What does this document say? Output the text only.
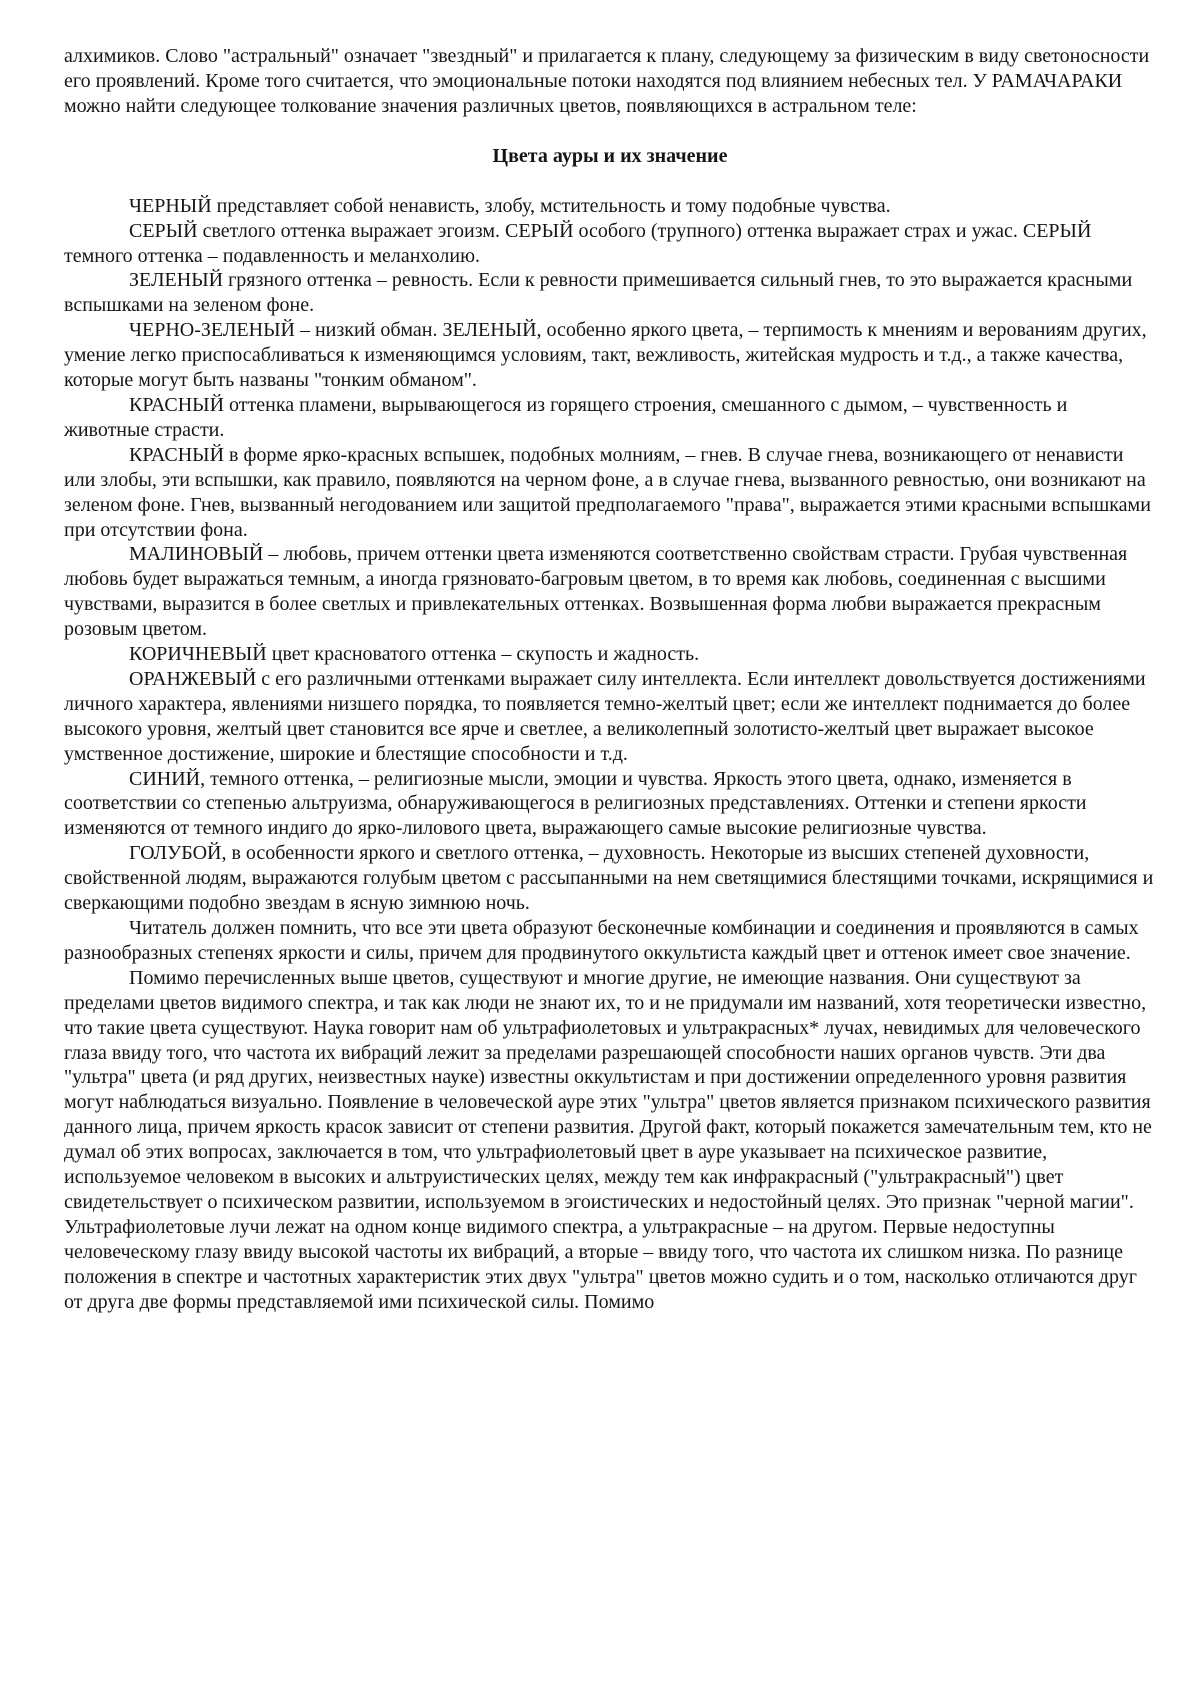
алхимиков. Слово "астральный" означает "звездный" и прилагается к плану, следующему за физическим в виду светоносности его проявлений. Кроме того считается, что эмоциональные потоки находятся под влиянием небесных тел. У РАМАЧАРАКИ можно найти следующее толкование значения различных цветов, появляющихся в астральном теле:

Цвета ауры и их значение

ЧЕРНЫЙ представляет собой ненависть, злобу, мстительность и тому подобные чувства.

СЕРЫЙ светлого оттенка выражает эгоизм. СЕРЫЙ особого (трупного) оттенка выражает страх и ужас. СЕРЫЙ темного оттенка – подавленность и меланхолию.

ЗЕЛЕНЫЙ грязного оттенка – ревность. Если к ревности примешивается сильный гнев, то это выражается красными вспышками на зеленом фоне.

ЧЕРНО-ЗЕЛЕНЫЙ – низкий обман. ЗЕЛЕНЫЙ, особенно яркого цвета, – терпимость к мнениям и верованиям других, умение легко приспосабливаться к изменяющимся условиям, такт, вежливость, житейская мудрость и т.д., а также качества, которые могут быть названы "тонким обманом".

КРАСНЫЙ оттенка пламени, вырывающегося из горящего строения, смешанного с дымом, – чувственность и животные страсти.

КРАСНЫЙ в форме ярко-красных вспышек, подобных молниям, – гнев. В случае гнева, возникающего от ненависти или злобы, эти вспышки, как правило, появляются на черном фоне, а в случае гнева, вызванного ревностью, они возникают на зеленом фоне. Гнев, вызванный негодованием или защитой предполагаемого "права", выражается этими красными вспышками при отсутствии фона.

МАЛИНОВЫЙ – любовь, причем оттенки цвета изменяются соответственно свойствам страсти. Грубая чувственная любовь будет выражаться темным, а иногда грязновато-багровым цветом, в то время как любовь, соединенная с высшими чувствами, выразится в более светлых и привлекательных оттенках. Возвышенная форма любви выражается прекрасным розовым цветом.

КОРИЧНЕВЫЙ цвет красноватого оттенка – скупость и жадность.

ОРАНЖЕВЫЙ с его различными оттенками выражает силу интеллекта. Если интеллект довольствуется достижениями личного характера, явлениями низшего порядка, то появляется темно-желтый цвет; если же интеллект поднимается до более высокого уровня, желтый цвет становится все ярче и светлее, а великолепный золотисто-желтый цвет выражает высокое умственное достижение, широкие и блестящие способности и т.д.

СИНИЙ, темного оттенка, – религиозные мысли, эмоции и чувства. Яркость этого цвета, однако, изменяется в соответствии со степенью альтруизма, обнаруживающегося в религиозных представлениях. Оттенки и степени яркости изменяются от темного индиго до ярко-лилового цвета, выражающего самые высокие религиозные чувства.

ГОЛУБОЙ, в особенности яркого и светлого оттенка, – духовность. Некоторые из высших степеней духовности, свойственной людям, выражаются голубым цветом с рассыпанными на нем светящимися блестящими точками, искрящимися и сверкающими подобно звездам в ясную зимнюю ночь.

Читатель должен помнить, что все эти цвета образуют бесконечные комбинации и соединения и проявляются в самых разнообразных степенях яркости и силы, причем для продвинутого оккультиста каждый цвет и оттенок имеет свое значение.

Помимо перечисленных выше цветов, существуют и многие другие, не имеющие названия. Они существуют за пределами цветов видимого спектра, и так как люди не знают их, то и не придумали им названий, хотя теоретически известно, что такие цвета существуют. Наука говорит нам об ультрафиолетовых и ультракрасных* лучах, невидимых для человеческого глаза ввиду того, что частота их вибраций лежит за пределами разрешающей способности наших органов чувств. Эти два "ультра" цвета (и ряд других, неизвестных науке) известны оккультистам и при достижении определенного уровня развития могут наблюдаться визуально. Появление в человеческой ауре этих "ультра" цветов является признаком психического развития данного лица, причем яркость красок зависит от степени развития. Другой факт, который покажется замечательным тем, кто не думал об этих вопросах, заключается в том, что ультрафиолетовый цвет в ауре указывает на психическое развитие, используемое человеком в высоких и альтруистических целях, между тем как инфракрасный ("ультракрасный") цвет свидетельствует о психическом развитии, используемом в эгоистических и недостойный целях. Это признак "черной магии". Ультрафиолетовые лучи лежат на одном конце видимого спектра, а ультракрасные – на другом. Первые недоступны человеческому глазу ввиду высокой частоты их вибраций, а вторые – ввиду того, что частота их слишком низка. По разнице положения в спектре и частотных характеристик этих двух "ультра" цветов можно судить и о том, насколько отличаются друг от друга две формы представляемой ими психической силы. Помимо
